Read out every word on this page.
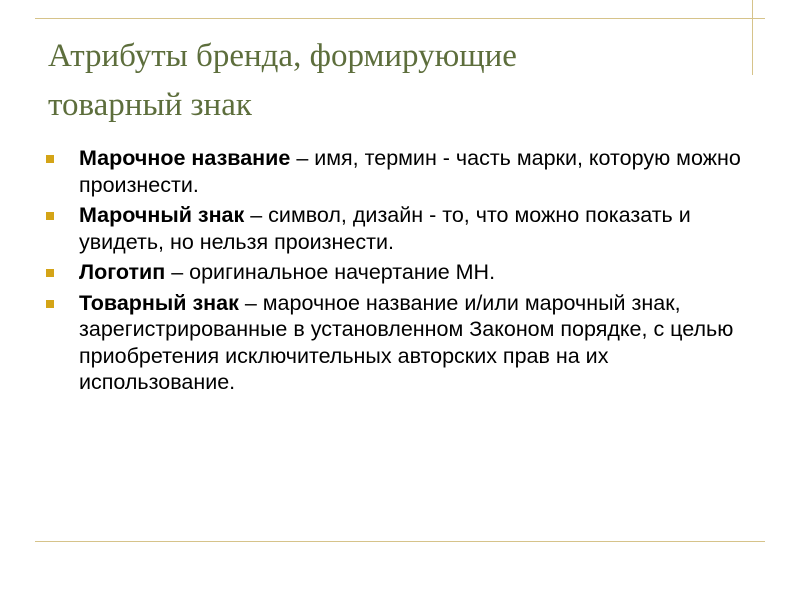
Атрибуты бренда, формирующие
товарный знак
Марочное название – имя, термин - часть марки, которую можно произнести.
Марочный знак – символ, дизайн - то, что можно показать и увидеть, но нельзя произнести.
Логотип – оригинальное начертание МН.
Товарный знак – марочное название и/или марочный знак, зарегистрированные в установленном Законом порядке, с целью приобретения исключительных авторских прав на их использование.
